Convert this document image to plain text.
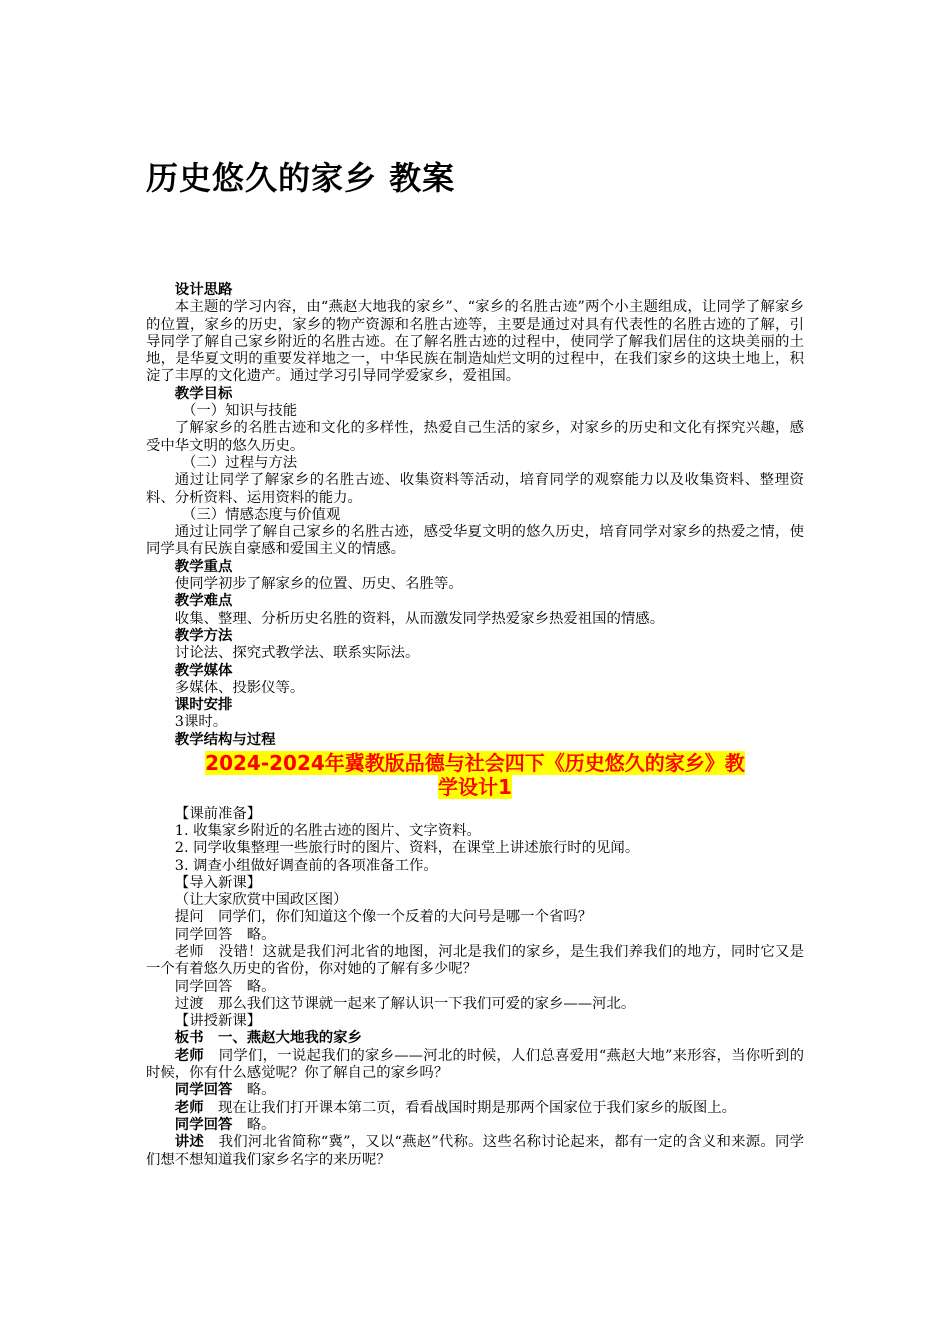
历史悠久的家乡 教案

设计思路

本主题的学习内容，由“燕赵大地我的家乡”、“家乡的名胜古迹”两个小主题组成，让同学了解家乡的位置，家乡的历史，家乡的物产资源和名胜古迹等，主要是通过对具有代表性的名胜古迹的了解，引导同学了解自己家乡附近的名胜古迹。在了解名胜古迹的过程中，使同学了解我们居住的这块美丽的土地，是华夏文明的重要发祥地之一，中华民族在制造灿烂文明的过程中，在我们家乡的这块土地上，积淀了丰厚的文化遗产。通过学习引导同学爱家乡，爱祖国。

教学目标

（一）知识与技能

了解家乡的名胜古迹和文化的多样性，热爱自己生活的家乡，对家乡的历史和文化有探究兴趣，感受中华文明的悠久历史。

（二）过程与方法

通过让同学了解家乡的名胜古迹、收集资料等活动，培育同学的观察能力以及收集资料、整理资料、分析资料、运用资料的能力。

（三）情感态度与价值观

通过让同学了解自己家乡的名胜古迹，感受华夏文明的悠久历史，培育同学对家乡的热爱之情，使同学具有民族自豪感和爱国主义的情感。

教学重点

使同学初步了解家乡的位置、历史、名胜等。

教学难点

收集、整理、分析历史名胜的资料，从而激发同学热爱家乡热爱祖国的情感。

教学方法

讨论法、探究式教学法、联系实际法。

教学媒体

多媒体、投影仪等。

课时安排

3课时。

教学结构与过程

2024-2024年冀教版品德与社会四下《历史悠久的家乡》教
学设计1

【课前准备】

1. 收集家乡附近的名胜古迹的图片、文字资料。

2. 同学收集整理一些旅行时的图片、资料，在课堂上讲述旅行时的见闻。

3. 调查小组做好调查前的各项准备工作。

【导入新课】

（让大家欣赏中国政区图）

提问　同学们，你们知道这个像一个反着的大问号是哪一个省吗？

同学回答　略。

老师　没错！这就是我们河北省的地图，河北是我们的家乡，是生我们养我们的地方，同时它又是一个有着悠久历史的省份，你对她的了解有多少呢？

同学回答　略。

过渡　那么我们这节课就一起来了解认识一下我们可爱的家乡——河北。

【讲授新课】

板书　一、燕赵大地我的家乡

老师　同学们，一说起我们的家乡——河北的时候，人们总喜爱用“燕赵大地”来形容，当你听到的时候，你有什么感觉呢？你了解自己的家乡吗？

同学回答　略。

老师　现在让我们打开课本第二页，看看战国时期是那两个国家位于我们家乡的版图上。

同学回答　略。

讲述　我们河北省简称“冀”，又以“燕赵”代称。这些名称讨论起来，都有一定的含义和来源。同学们想不想知道我们家乡名字的来历呢？
